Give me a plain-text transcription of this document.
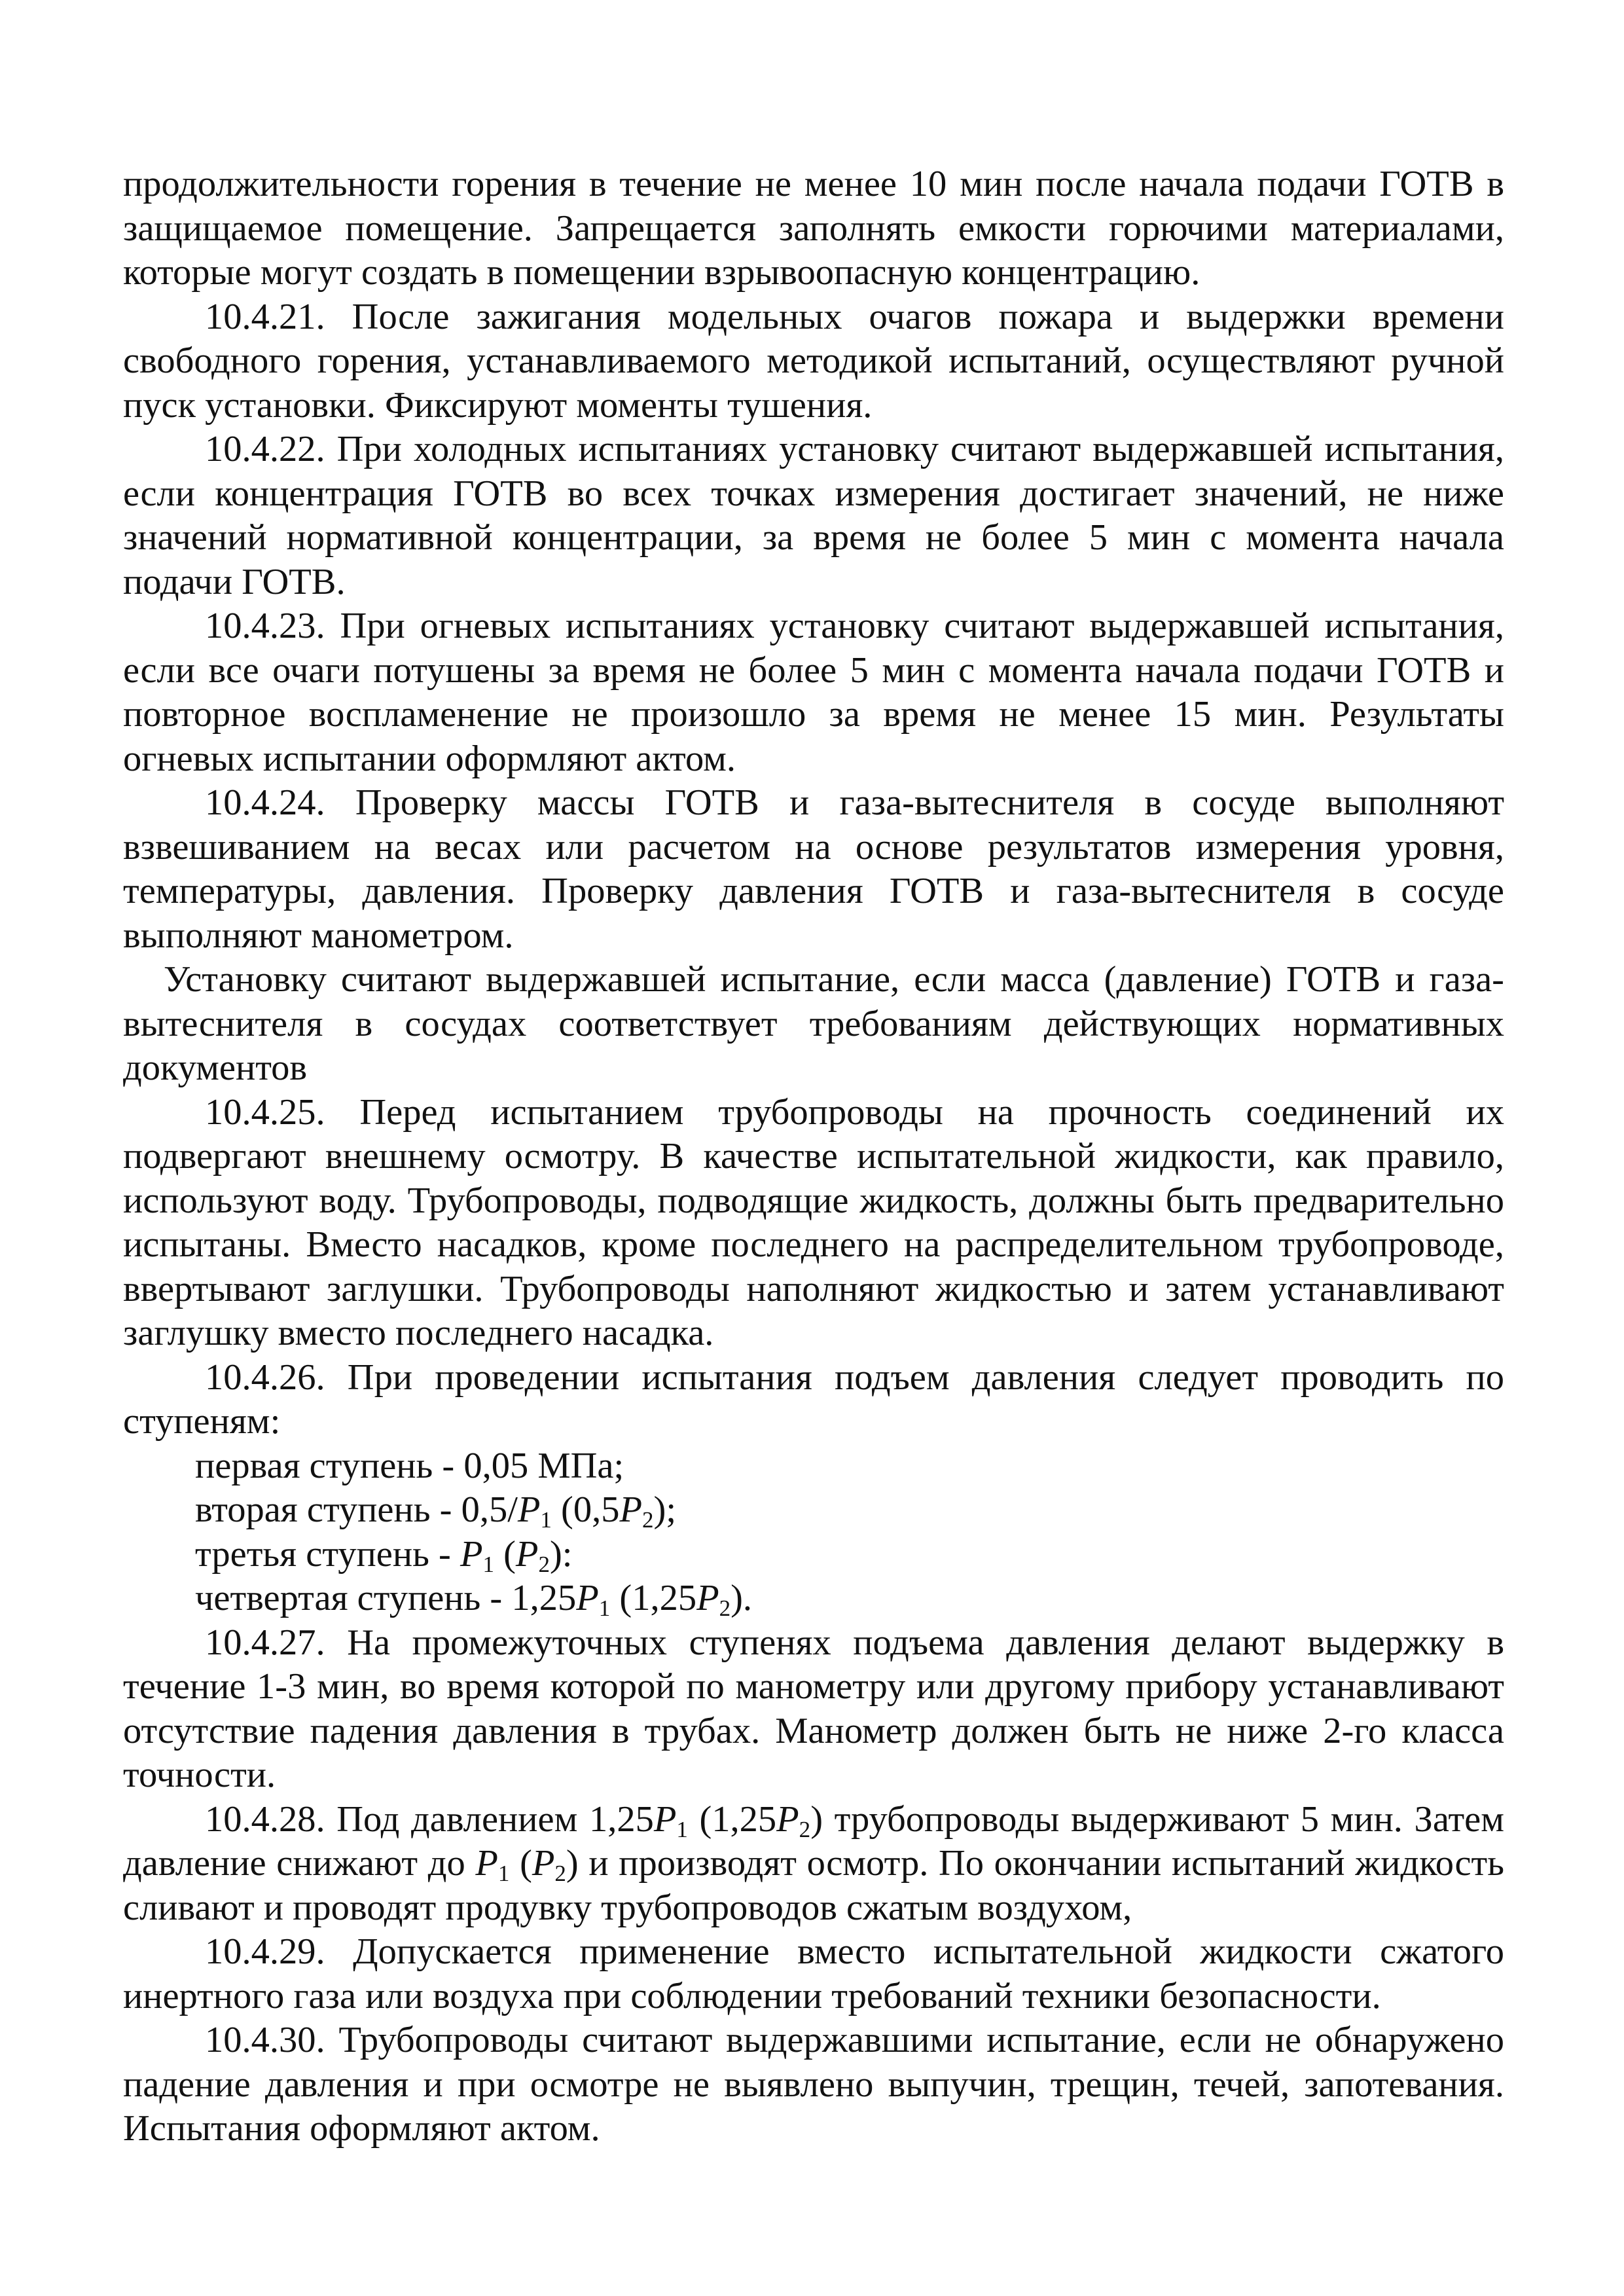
продолжительности горения в течение не менее 10 мин после начала подачи ГОТВ в защищаемое помещение. Запрещается заполнять емкости горючими материалами, которые могут создать в помещении взрывоопасную концентрацию.

10.4.21. После зажигания модельных очагов пожара и выдержки времени свободного горения, устанавливаемого методикой испытаний, осуществляют ручной пуск установки. Фиксируют моменты тушения.

10.4.22. При холодных испытаниях установку считают выдержавшей испытания, если концентрация ГОТВ во всех точках измерения достигает значений, не ниже значений нормативной концентрации, за время не более 5 мин с момента начала подачи ГОТВ.

10.4.23. При огневых испытаниях установку считают выдержавшей испытания, если все очаги потушены за время не более 5 мин с момента начала подачи ГОТВ и повторное воспламенение не произошло за время не менее 15 мин. Результаты огневых испытании оформляют актом.

10.4.24. Проверку массы ГОТВ и газа-вытеснителя в сосуде выполняют взвешиванием на весах или расчетом на основе результатов измерения уровня, температуры, давления. Проверку давления ГОТВ и газа-вытеснителя в сосуде выполняют манометром.

Установку считают выдержавшей испытание, если масса (давление) ГОТВ и газа-вытеснителя в сосудах соответствует требованиям действующих нормативных документов

10.4.25. Перед испытанием трубопроводы на прочность соединений их подвергают внешнему осмотру. В качестве испытательной жидкости, как правило, используют воду. Трубопроводы, подводящие жидкость, должны быть предварительно испытаны. Вместо насадков, кроме последнего на распределительном трубопроводе, ввертывают заглушки. Трубопроводы наполняют жидкостью и затем устанавливают заглушку вместо последнего насадка.

10.4.26. При проведении испытания подъем давления следует проводить по ступеням:

первая ступень - 0,05 МПа;

вторая ступень - $0,5/P_1$ $(0,5P_2)$;

третья ступень - $P_1$ $(P_2)$:

четвертая ступень - $1,25P_1$ $(1,25P_2)$.

10.4.27. На промежуточных ступенях подъема давления делают выдержку в течение 1-3 мин, во время которой по манометру или другому прибору устанавливают отсутствие падения давления в трубах. Манометр должен быть не ниже 2-го класса точности.

10.4.28. Под давлением $1,25P_1$ $(1,25P_2)$ трубопроводы выдерживают 5 мин. Затем давление снижают до $P_1$ $(P_2)$ и производят осмотр. По окончании испытаний жидкость сливают и проводят продувку трубопроводов сжатым воздухом,

10.4.29. Допускается применение вместо испытательной жидкости сжатого инертного газа или воздуха при соблюдении требований техники безопасности.

10.4.30. Трубопроводы считают выдержавшими испытание, если не обнаружено падение давления и при осмотре не выявлено выпучин, трещин, течей, запотевания. Испытания оформляют актом.
